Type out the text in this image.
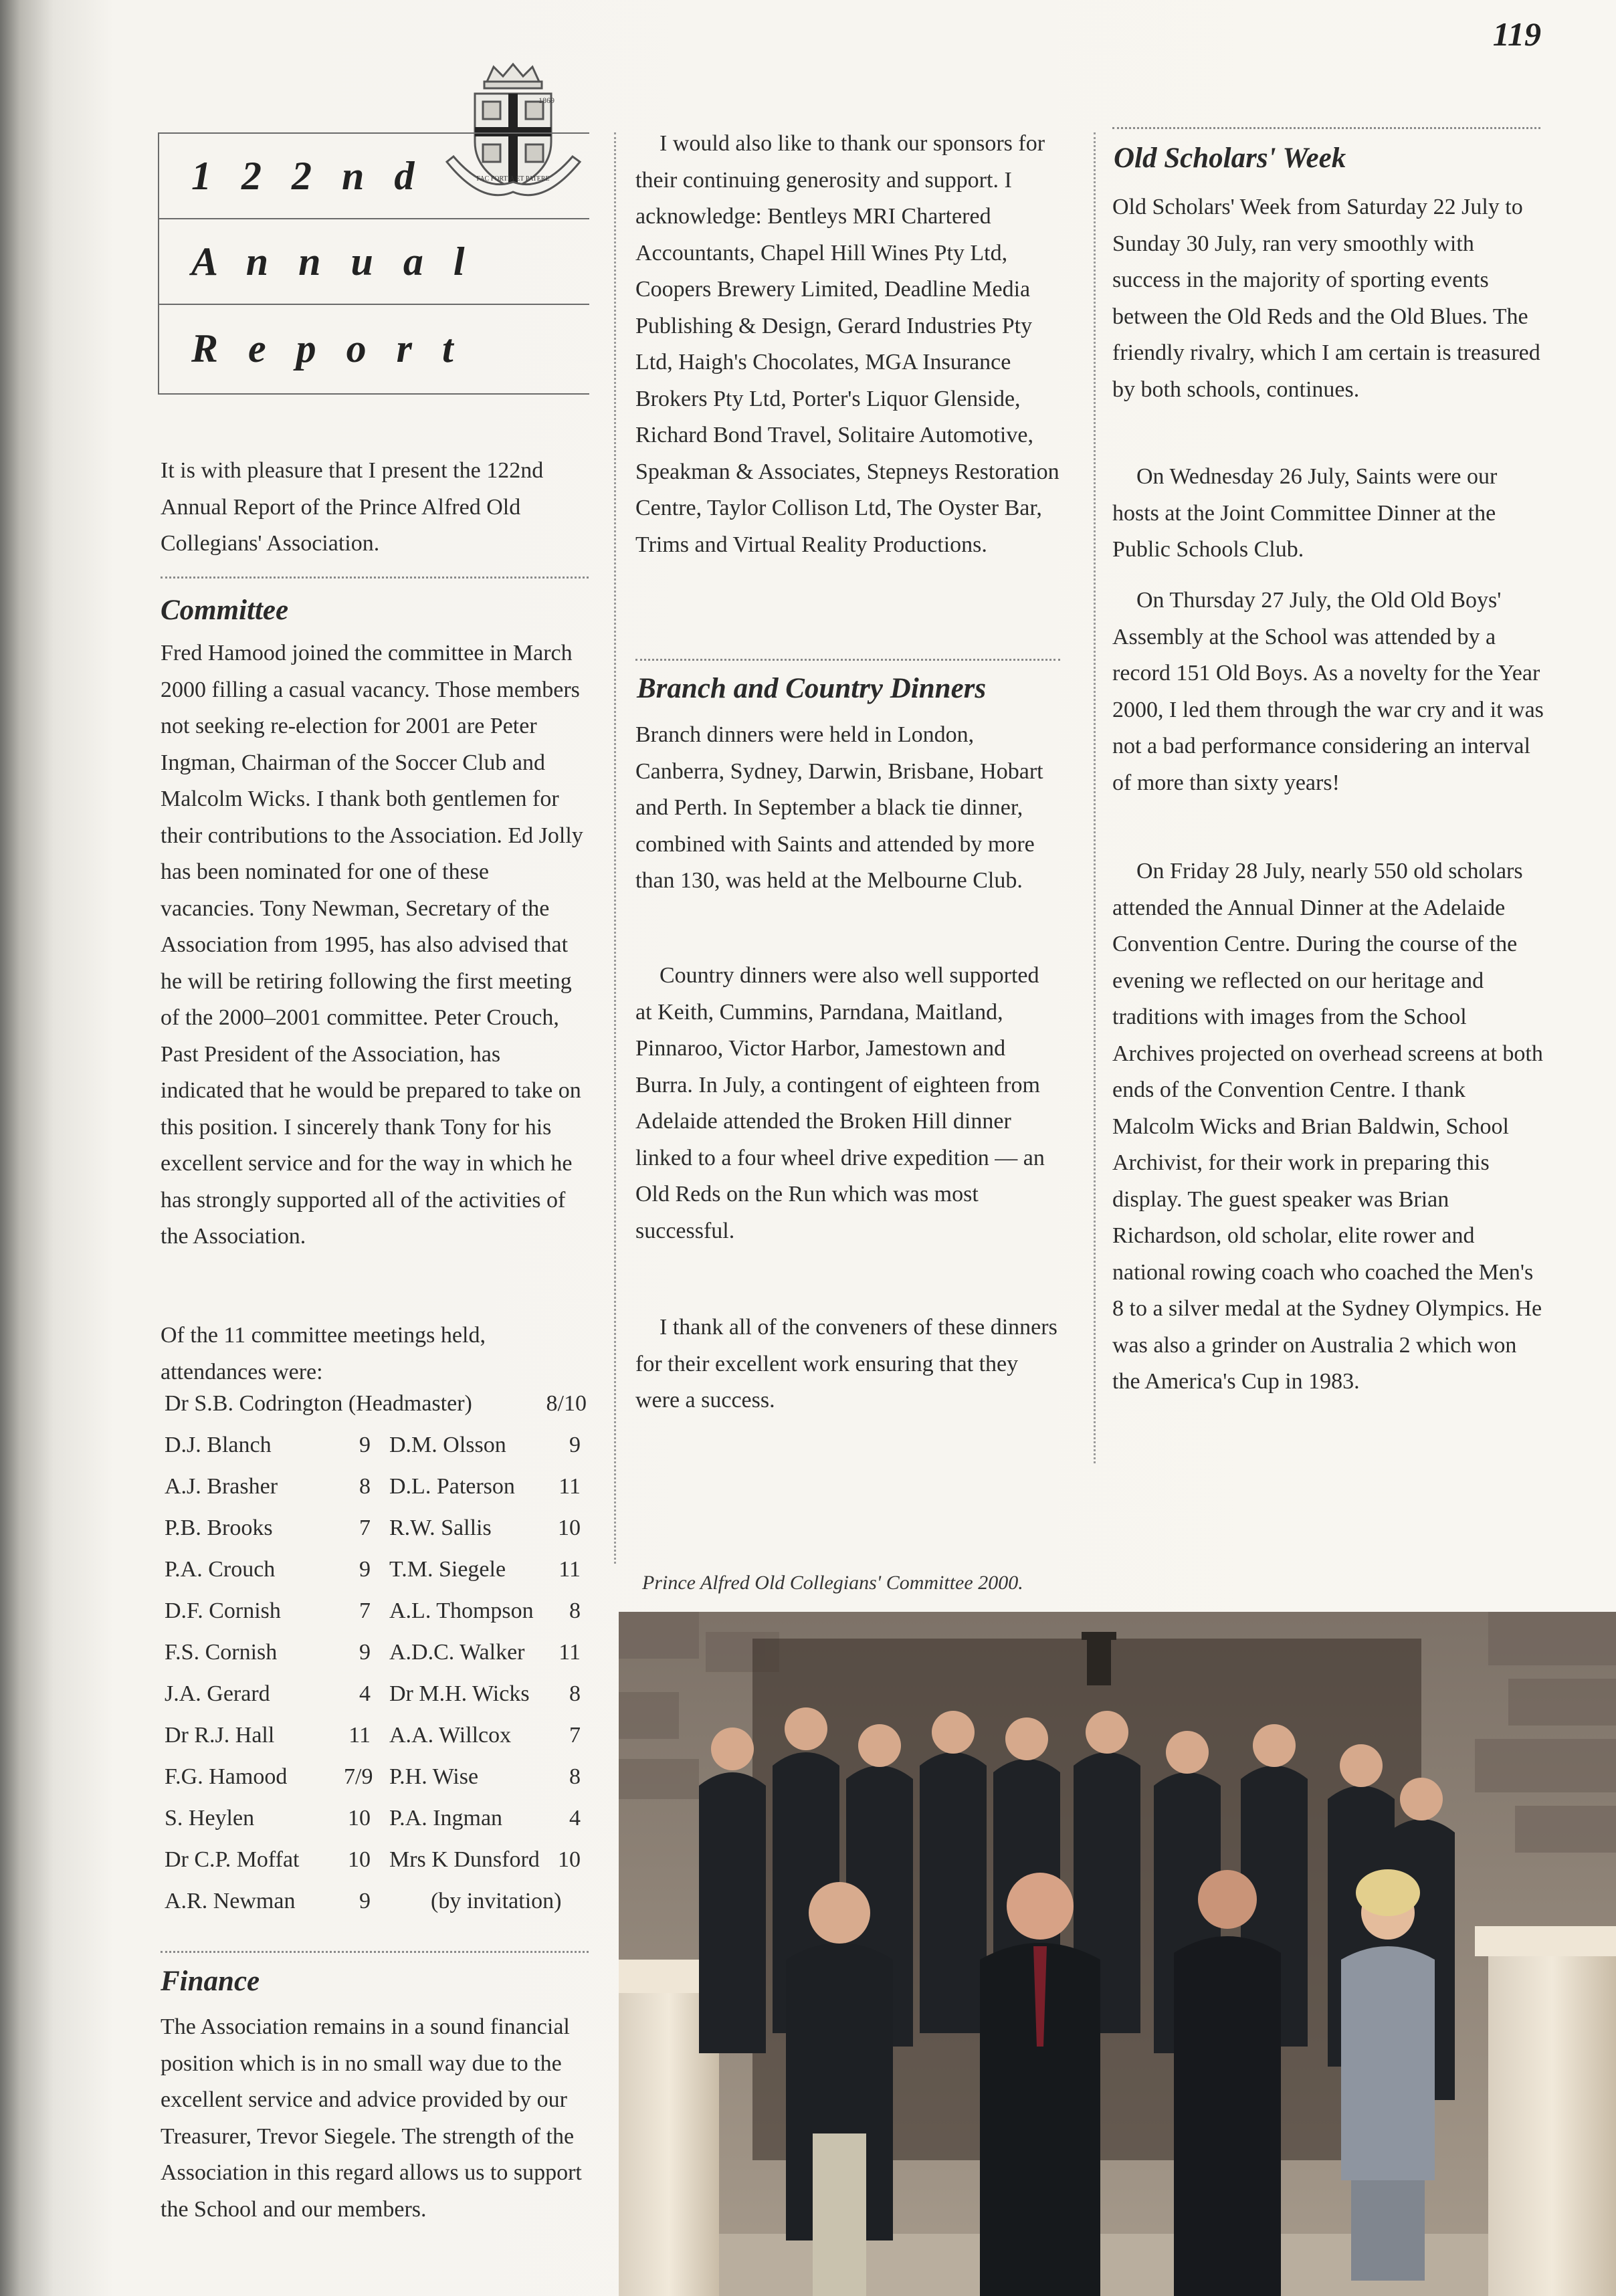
119
1869
FAC FORTIA ET PATERE
1 2 2 n d
A n n u a l
R e p o r t

It is with pleasure that I present the 122nd Annual Report of the Prince Alfred Old Collegians' Association.

Committee

Fred Hamood joined the committee in March 2000 filling a casual vacancy. Those members not seeking re-election for 2001 are Peter Ingman, Chairman of the Soccer Club and Malcolm Wicks. I thank both gentlemen for their contributions to the Association. Ed Jolly has been nominated for one of these vacancies. Tony Newman, Secretary of the Association from 1995, has also advised that he will be retiring following the first meeting of the 2000–2001 committee. Peter Crouch, Past President of the Association, has indicated that he would be prepared to take on this position. I sincerely thank Tony for his excellent service and for the way in which he has strongly supported all of the activities of the Association.

Of the 11 committee meetings held, attendances were:

Dr S.B. Codrington (Headmaster)	8/10
D.J. Blanch	9 D.M. Olsson	9
A.J. Brasher	8 D.L. Paterson	11
P.B. Brooks	7 R.W. Sallis	10
P.A. Crouch	9 T.M. Siegele	11
D.F. Cornish	7 A.L. Thompson	8
F.S. Cornish	9 A.D.C. Walker	11
J.A. Gerard	4 Dr M.H. Wicks	8
Dr R.J. Hall	11 A.A. Willcox	7
F.G. Hamood 7/9 P.H. Wise	8
S. Heylen	10 P.A. Ingman	4
Dr C.P. Moffat 10 Mrs K Dunsford 10
A.R. Newman	9	(by invitation)
Finance

The Association remains in a sound financial position which is in no small way due to the excellent service and advice provided by our Treasurer, Trevor Siegele. The strength of the Association in this regard allows us to support the School and our members.

I would also like to thank our sponsors for their continuing generosity and support. I acknowledge: Bentleys MRI Chartered Accountants, Chapel Hill Wines Pty Ltd, Coopers Brewery Limited, Deadline Media Publishing & Design, Gerard Industries Pty Ltd, Haigh's Chocolates, MGA Insurance Brokers Pty Ltd, Porter's Liquor Glenside, Richard Bond Travel, Solitaire Automotive, Speakman & Associates, Stepneys Restoration Centre, Taylor Collison Ltd, The Oyster Bar, Trims and Virtual Reality Productions.

Branch and Country Dinners

Branch dinners were held in London, Canberra, Sydney, Darwin, Brisbane, Hobart and Perth. In September a black tie dinner, combined with Saints and attended by more than 130, was held at the Melbourne Club.

Country dinners were also well supported at Keith, Cummins, Parndana, Maitland, Pinnaroo, Victor Harbor, Jamestown and Burra. In July, a contingent of eighteen from Adelaide attended the Broken Hill dinner linked to a four wheel drive expedition — an Old Reds on the Run which was most successful.

I thank all of the conveners of these dinners for their excellent work ensuring that they were a success.

Old Scholars' Week

Old Scholars' Week from Saturday 22 July to Sunday 30 July, ran very smoothly with success in the majority of sporting events between the Old Reds and the Old Blues. The friendly rivalry, which I am certain is treasured by both schools, continues.

On Wednesday 26 July, Saints were our hosts at the Joint Committee Dinner at the Public Schools Club.

On Thursday 27 July, the Old Old Boys' Assembly at the School was attended by a record 151 Old Boys. As a novelty for the Year 2000, I led them through the war cry and it was not a bad performance considering an interval of more than sixty years!

On Friday 28 July, nearly 550 old scholars attended the Annual Dinner at the Adelaide Convention Centre. During the course of the evening we reflected on our heritage and traditions with images from the School Archives projected on overhead screens at both ends of the Convention Centre. I thank Malcolm Wicks and Brian Baldwin, School Archivist, for their work in preparing this display. The guest speaker was Brian Richardson, old scholar, elite rower and national rowing coach who coached the Men's 8 to a silver medal at the Sydney Olympics. He was also a grinder on Australia 2 which won the America's Cup in 1983.

Prince Alfred Old Collegians' Committee 2000.
